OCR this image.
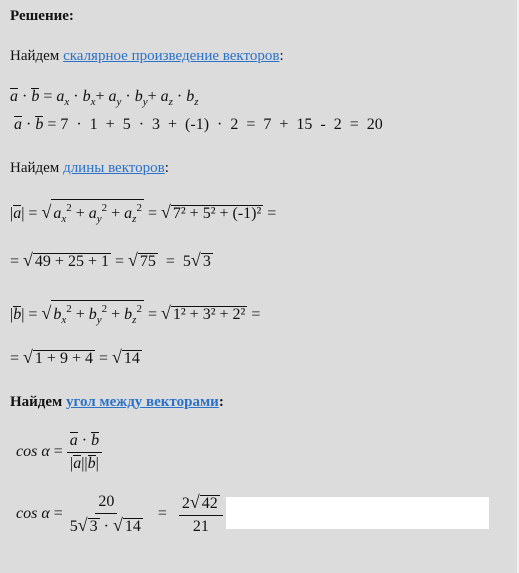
Решение:
Найдем скалярное произведение векторов:
$a \cdot b = a_x \cdot b_x+ a_y \cdot b_y+ a_z \cdot b_z$
a · b = 7  ·  1  +  5  ·  3  +  (-1)  ·  2  =  7  +  15  -  2  =  20
Найдем длины векторов:
|a| = √ $a_x^2 + a_y^2 + a_z^2$ = √ 7² + 5² + (-1)² =
= √ 49 + 25 + 1 = √ 75  =  5√ 3
|b| = √ $b_x^2 + b_y^2 + b_z^2$ = √ 1² + 3² + 2² =
= √ 1 + 9 + 4 = √ 14
Найдем угол между векторами:
$\cos \alpha = \frac{a \cdot b}{|a||b|}$
$\cos \alpha = \frac{20}{5√ 3 \cdot √ 14} = \frac{2√ 42}{21}$
